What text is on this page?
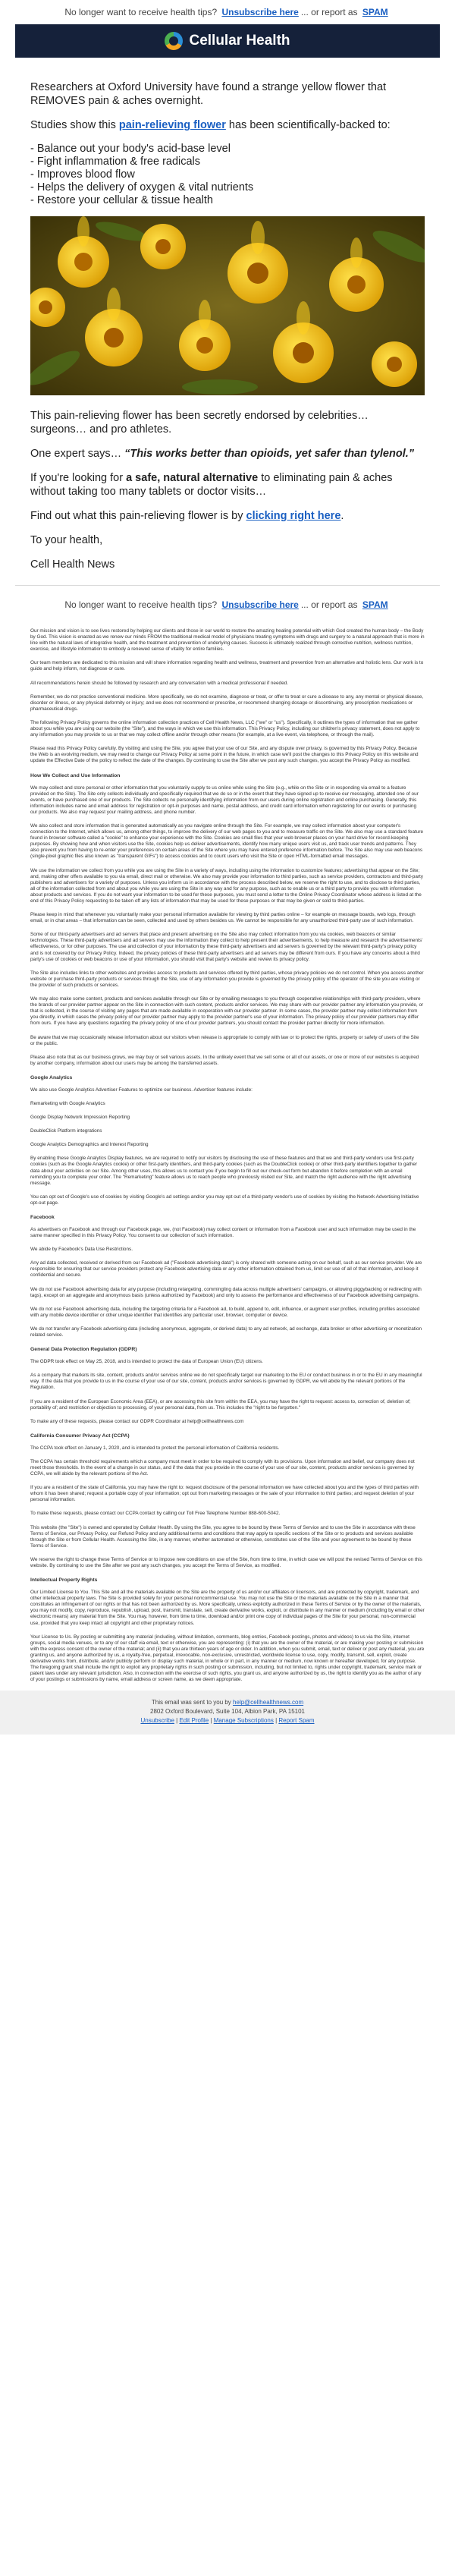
No longer want to receive health tips?
Unsubscribe here ... or report as
SPAM
Cellular Health

Researchers at Oxford University have found a strange yellow flower that REMOVES pain & aches overnight.

Studies show this pain-relieving flower has been scientifically-backed to:

- Balance out your body's acid-base level
- Fight inflammation & free radicals
- Improves blood flow
- Helps the delivery of oxygen & vital nutrients
- Restore your cellular & tissue health

This pain-relieving flower has been secretly endorsed by celebrities… surgeons… and pro athletes.

One expert says… “This works better than opioids, yet safer than tylenol.”

If you're looking for a safe, natural alternative to eliminating pain & aches without taking too many tablets or doctor visits…

Find out what this pain-relieving flower is by clicking right here.

To your health,

Cell Health News

No longer want to receive health tips?
Unsubscribe here ... or report as
SPAM

Our mission and vision is to see lives restored by helping our clients and those in our world to restore the amazing healing potential with which God created the human body – the Body by God. This vision is enacted as we renew our minds FROM the traditional medical model of physicians treating symptoms with drugs and surgery to a natural approach that is more in line with the natural laws of integrative health, and the treatment and prevention of underlying causes. Success is ultimately realized through corrective nutrition, wellness nutrition, exercise, and lifestyle information to embody a renewed sense of vitality for entire families.

Our team members are dedicated to this mission and will share information regarding health and wellness, treatment and prevention from an alternative and holistic lens. Our work is to guide and help inform, not diagnose or cure.

All recommendations herein should be followed by research and any conversation with a medical professional if needed.

Remember, we do not practice conventional medicine. More specifically, we do not examine, diagnose or treat, or offer to treat or cure a disease to any, any mental or physical disease, disorder or illness, or any physical deformity or injury; and we does not recommend or prescribe, or recommend changing dosage or discontinuing, any prescription medications or pharmaceutical drugs.

The following Privacy Policy governs the online information collection practices of Cell Health News, LLC ("we" or "us"). Specifically, it outlines the types of information that we gather about you while you are using our website (the "Site"), and the ways in which we use this information. This Privacy Policy, including our children's privacy statement, does not apply to any information you may provide to us or that we may collect offline and/or through other means (for example, at a live event, via telephone, or through the mail).

Please read this Privacy Policy carefully. By visiting and using the Site, you agree that your use of our Site, and any dispute over privacy, is governed by this Privacy Policy. Because the Web is an evolving medium, we may need to change our Privacy Policy at some point in the future, in which case we'll post the changes to this Privacy Policy on this website and update the Effective Date of the policy to reflect the date of the changes. By continuing to use the Site after we post any such changes, you accept the Privacy Policy as modified.

How We Collect and Use Information

We may collect and store personal or other information that you voluntarily supply to us online while using the Site (e.g., while on the Site or in responding via email to a feature provided on the Site). The Site only collects individually and specifically required that we do so or in the event that they have signed up to receive our messaging, attended one of our events, or have purchased one of our products. The Site collects no personally identifying information from our users during online registration and online purchasing. Generally, this information includes name and email address for registration or opt-in purposes and name, postal address, and credit card information when registering for our events or purchasing our products. We also may request your mailing address, and phone number.

We also collect and store information that is generated automatically as you navigate online through the Site. For example, we may collect information about your computer's connection to the Internet, which allows us, among other things, to improve the delivery of our web pages to you and to measure traffic on the Site. We also may use a standard feature found in browser software called a "cookie" to enhance your experience with the Site. Cookies are small files that your web browser places on your hard drive for record-keeping purposes. By showing how and when visitors use the Site, cookies help us deliver advertisements, identify how many unique users visit us, and track user trends and patterns. They also prevent you from having to re-enter your preferences on certain areas of the Site where you may have entered preference information before. The Site also may use web beacons (single-pixel graphic files also known as "transparent GIFs") to access cookies and to count users who visit the Site or open HTML-formatted email messages.

We use the information we collect from you while you are using the Site in a variety of ways, including using the information to customize features; advertising that appear on the Site; and, making other offers available to you via email, direct mail or otherwise. We also may provide your information to third parties, such as service providers, contractors and third-party publishers and advertisers for a variety of purposes. Unless you inform us in accordance with the process described below, we reserve the right to use, and to disclose to third parties, all of the information collected from and about you while you are using the Site in any way and for any purpose, such as to enable us or a third party to provide you with information about products and services. If you do not want your information to be used for these purposes, you must send a letter to the Online Privacy Coordinator whose address is listed at the end of this Privacy Policy requesting to be taken off any lists of information that may be used for these purposes or that may be given or sold to third-parties.

Please keep in mind that whenever you voluntarily make your personal information available for viewing by third parties online – for example on message boards, web logs, through email, or in chat areas – that information can be seen, collected and used by others besides us. We cannot be responsible for any unauthorized third-party use of such information.

Some of our third-party advertisers and ad servers that place and present advertising on the Site also may collect information from you via cookies, web beacons or similar technologies. These third-party advertisers and ad servers may use the information they collect to help present their advertisements, to help measure and research the advertisements' effectiveness, or for other purposes. The use and collection of your information by these third-party advertisers and ad servers is governed by the relevant third-party's privacy policy and is not covered by our Privacy Policy. Indeed, the privacy policies of these third-party advertisers and ad servers may be different from ours. If you have any concerns about a third party's use of cookies or web beacons or use of your information, you should visit that party's website and review its privacy policy.

The Site also includes links to other websites and provides access to products and services offered by third parties, whose privacy policies we do not control. When you access another website or purchase third-party products or services through the Site, use of any information you provide is governed by the privacy policy of the operator of the site you are visiting or the provider of such products or services.

We may also make some content, products and services available through our Site or by emailing messages to you through cooperative relationships with third-party providers, where the brands of our provider partner appear on the Site in connection with such content, products and/or services. We may share with our provider partner any information you provide, or that is collected, in the course of visiting any pages that are made available in cooperation with our provider partner. In some cases, the provider partner may collect information from you directly, in which cases the privacy policy of our provider partner may apply to the provider partner's use of your information. The privacy policy of our provider partners may differ from ours. If you have any questions regarding the privacy policy of one of our provider partners, you should contact the provider partner directly for more information.

Be aware that we may occasionally release information about our visitors when release is appropriate to comply with law or to protect the rights, property or safety of users of the Site or the public.

Please also note that as our business grows, we may buy or sell various assets. In the unlikely event that we sell some or all of our assets, or one or more of our websites is acquired by another company, information about our users may be among the transferred assets.

Google Analytics

We also use Google Analytics Advertiser Features to optimize our business. Advertiser features include:

Remarketing with Google Analytics

Google Display Network Impression Reporting

DoubleClick Platform integrations

Google Analytics Demographics and Interest Reporting

By enabling these Google Analytics Display features, we are required to notify our visitors by disclosing the use of these features and that we and third-party vendors use first-party cookies (such as the Google Analytics cookie) or other first-party identifiers, and third-party cookies (such as the DoubleClick cookie) or other third-party identifiers together to gather data about your activities on our Site. Among other uses, this allows us to contact you if you begin to fill out our check-out form but abandon it before completion with an email reminding you to complete your order. The "Remarketing" feature allows us to reach people who previously visited our Site, and match the right audience with the right advertising message.

You can opt out of Google's use of cookies by visiting Google's ad settings and/or you may opt out of a third-party vendor's use of cookies by visiting the Network Advertising Initiative opt-out page.

Facebook

As advertisers on Facebook and through our Facebook page, we, (not Facebook) may collect content or information from a Facebook user and such information may be used in the same manner specified in this Privacy Policy. You consent to our collection of such information.

We abide by Facebook's Data Use Restrictions.

Any ad data collected, received or derived from our Facebook ad ("Facebook advertising data") is only shared with someone acting on our behalf, such as our service provider. We are responsible for ensuring that our service providers protect any Facebook advertising data or any other information obtained from us, limit our use of all of that information, and keep it confidential and secure.

We do not use Facebook advertising data for any purpose (including retargeting, commingling data across multiple advertisers' campaigns, or allowing piggybacking or redirecting with tags), except on an aggregate and anonymous basis (unless authorized by Facebook) and only to assess the performance and effectiveness of our Facebook advertising campaigns.

We do not use Facebook advertising data, including the targeting criteria for a Facebook ad, to build, append to, edit, influence, or augment user profiles, including profiles associated with any mobile device identifier or other unique identifier that identifies any particular user, browser, computer or device.

We do not transfer any Facebook advertising data (including anonymous, aggregate, or derived data) to any ad network, ad exchange, data broker or other advertising or monetization related service.

General Data Protection Regulation (GDPR)

The GDPR took effect on May 25, 2018, and is intended to protect the data of European Union (EU) citizens.

As a company that markets its site, content, products and/or services online we do not specifically target our marketing to the EU or conduct business in or to the EU in any meaningful way. If the data that you provide to us in the course of your use of our site, content, products and/or services is governed by GDPR, we will abide by the relevant portions of the Regulation.

If you are a resident of the European Economic Area (EEA), or are accessing this site from within the EEA, you may have the right to request: access to, correction of, deletion of; portability of; and restriction or objection to processing, of your personal data, from us. This includes the "right to be forgotten."

To make any of these requests, please contact our GDPR Coordinator at help@cellhealthnews.com

California Consumer Privacy Act (CCPA)

The CCPA took effect on January 1, 2020, and is intended to protect the personal information of California residents.

The CCPA has certain threshold requirements which a company must meet in order to be required to comply with its provisions. Upon information and belief, our company does not meet those thresholds. In the event of a change in our status, and if the data that you provide in the course of your use of our site, content, products and/or services is governed by CCPA, we will abide by the relevant portions of the Act.

If you are a resident of the state of California, you may have the right to: request disclosure of the personal information we have collected about you and the types of third parties with whom it has been shared; request a portable copy of your information; opt out from marketing messages or the sale of your information to third parties; and request deletion of your personal information.

To make these requests, please contact our CCPA contact by calling our Toll Free Telephone Number 888-600-5042.

This website (the "Site") is owned and operated by Cellular Health. By using the Site, you agree to be bound by these Terms of Service and to use the Site in accordance with these Terms of Service, our Privacy Policy, our Refund Policy and any additional terms and conditions that may apply to specific sections of the Site or to products and services available through the Site or from Cellular Health. Accessing the Site, in any manner, whether automated or otherwise, constitutes use of the Site and your agreement to be bound by these Terms of Service.

We reserve the right to change these Terms of Service or to impose new conditions on use of the Site, from time to time, in which case we will post the revised Terms of Service on this website. By continuing to use the Site after we post any such changes, you accept the Terms of Service, as modified.

Intellectual Property Rights

Our Limited License to You. This Site and all the materials available on the Site are the property of us and/or our affiliates or licensors, and are protected by copyright, trademark, and other intellectual property laws. The Site is provided solely for your personal noncommercial use. You may not use the Site or the materials available on the Site in a manner that constitutes an infringement of our rights or that has not been authorized by us. More specifically, unless explicitly authorized in these Terms of Service or by the owner of the materials, you may not modify, copy, reproduce, republish, upload, post, transmit, translate, sell, create derivative works, exploit, or distribute in any manner or medium (including by email or other electronic means) any material from the Site. You may, however, from time to time, download and/or print one copy of individual pages of the Site for your personal, non-commercial use, provided that you keep intact all copyright and other proprietary notices.

Your License to Us. By posting or submitting any material (including, without limitation, comments, blog entries, Facebook postings, photos and videos) to us via the Site, internet groups, social media venues, or to any of our staff via email, text or otherwise, you are representing: (i) that you are the owner of the material, or are making your posting or submission with the express consent of the owner of the material; and (ii) that you are thirteen years of age or older. In addition, when you submit, email, text or deliver or post any material, you are granting us, and anyone authorized by us, a royalty-free, perpetual, irrevocable, non-exclusive, unrestricted, worldwide license to use, copy, modify, transmit, sell, exploit, create derivative works from, distribute, and/or publicly perform or display such material, in whole or in part, in any manner or medium, now known or hereafter developed, for any purpose. The foregoing grant shall include the right to exploit any proprietary rights in such posting or submission, including, but not limited to, rights under copyright, trademark, service mark or patent laws under any relevant jurisdiction. Also, in connection with the exercise of such rights, you grant us, and anyone authorized by us, the right to identify you as the author of any of your postings or submissions by name, email address or screen name, as we deem appropriate.

This email was sent to you by help@cellhealthnews.com
2802 Oxford Boulevard, Suite 104, Albion Park, PA 15101
Unsubscribe | Edit Profile | Manage Subscriptions | Report Spam
